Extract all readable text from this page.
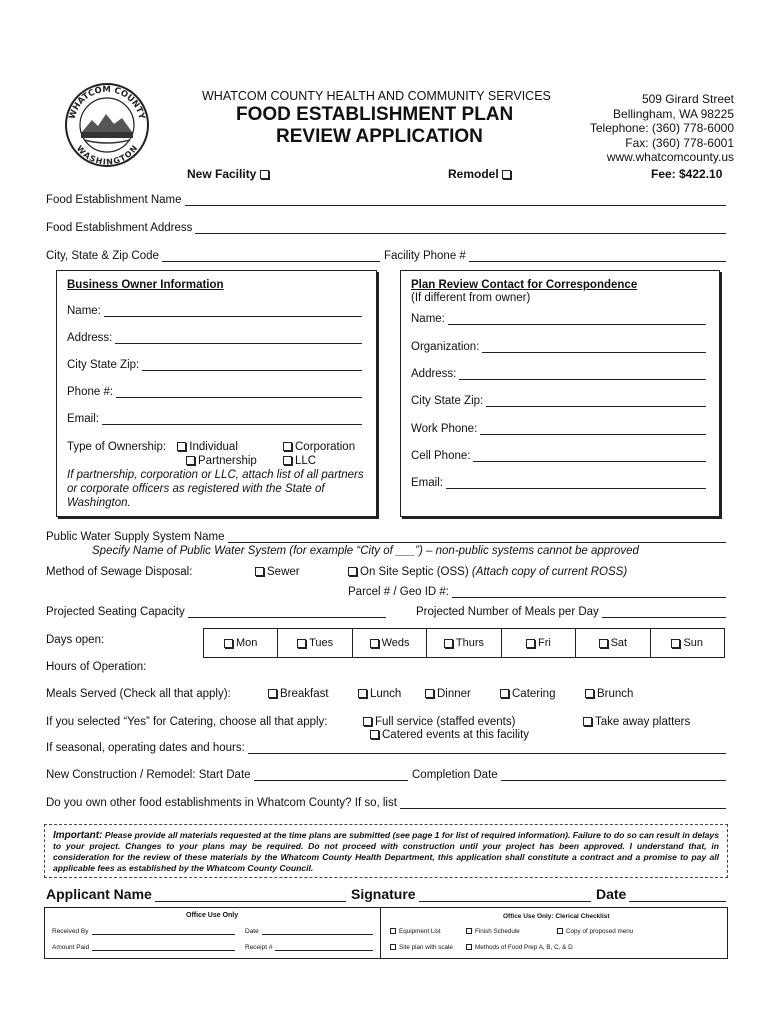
WHATCOM COUNTY
WASHINGTON
WHATCOM COUNTY HEALTH AND COMMUNITY SERVICES
FOOD ESTABLISHMENT PLAN
REVIEW APPLICATION
509 Girard Street
Bellingham, WA 98225
Telephone: (360) 778-6000
Fax: (360) 778-6001
www.whatcomcounty.us
New Facility	Remodel	Fee: $422.10
Food Establishment Name
Food Establishment Address
City, State & Zip Code	Facility Phone #
Business Owner Information
Name:
Address:
City State Zip:
Phone #:
Email:
Type of Ownership: Individual	Corporation
Partnership	LLC
If partnership, corporation or LLC, attach list of all partners or corporate officers as registered with the State of Washington.
Plan Review Contact for Correspondence
(If different from owner)
Name:
Organization:
Address:
City State Zip:
Work Phone:
Cell Phone:
Email:
Public Water Supply System Name
Specify Name of Public Water System (for example “City of ___”) – non-public systems cannot be approved
Method of Sewage Disposal:	Sewer	On Site Septic (OSS) (Attach copy of current ROSS)
Parcel # / Geo ID #:
Projected Seating Capacity	Projected Number of Meals per Day
Days open:	Mon	Tues	Weds	Thurs	Fri	Sat	Sun
Hours of Operation:
Meals Served (Check all that apply):	Breakfast	Lunch	Dinner	Catering	Brunch
If you selected “Yes” for Catering, choose all that apply:	Full service (staffed events)	Take away platters
Catered events at this facility
If seasonal, operating dates and hours:
New Construction / Remodel: Start Date	Completion Date
Do you own other food establishments in Whatcom County? If so, list
Important: Please provide all materials requested at the time plans are submitted (see page 1 for list of required information). Failure to do so can result in delays to your project. Changes to your plans may be required. Do not proceed with construction until your project has been approved. I understand that, in consideration for the review of these materials by the Whatcom County Health Department, this application shall constitute a contract and a promise to pay all applicable fees as established by the Whatcom County Council.
Applicant Name	Signature	Date
Office Use Only
Received By	Date
Amount Paid	Receipt #
Office Use Only: Clerical Checklist
Equipment List	Finish Schedule	Copy of proposed menu
Site plan with scale	Methods of Food Prep A, B, C, & D
